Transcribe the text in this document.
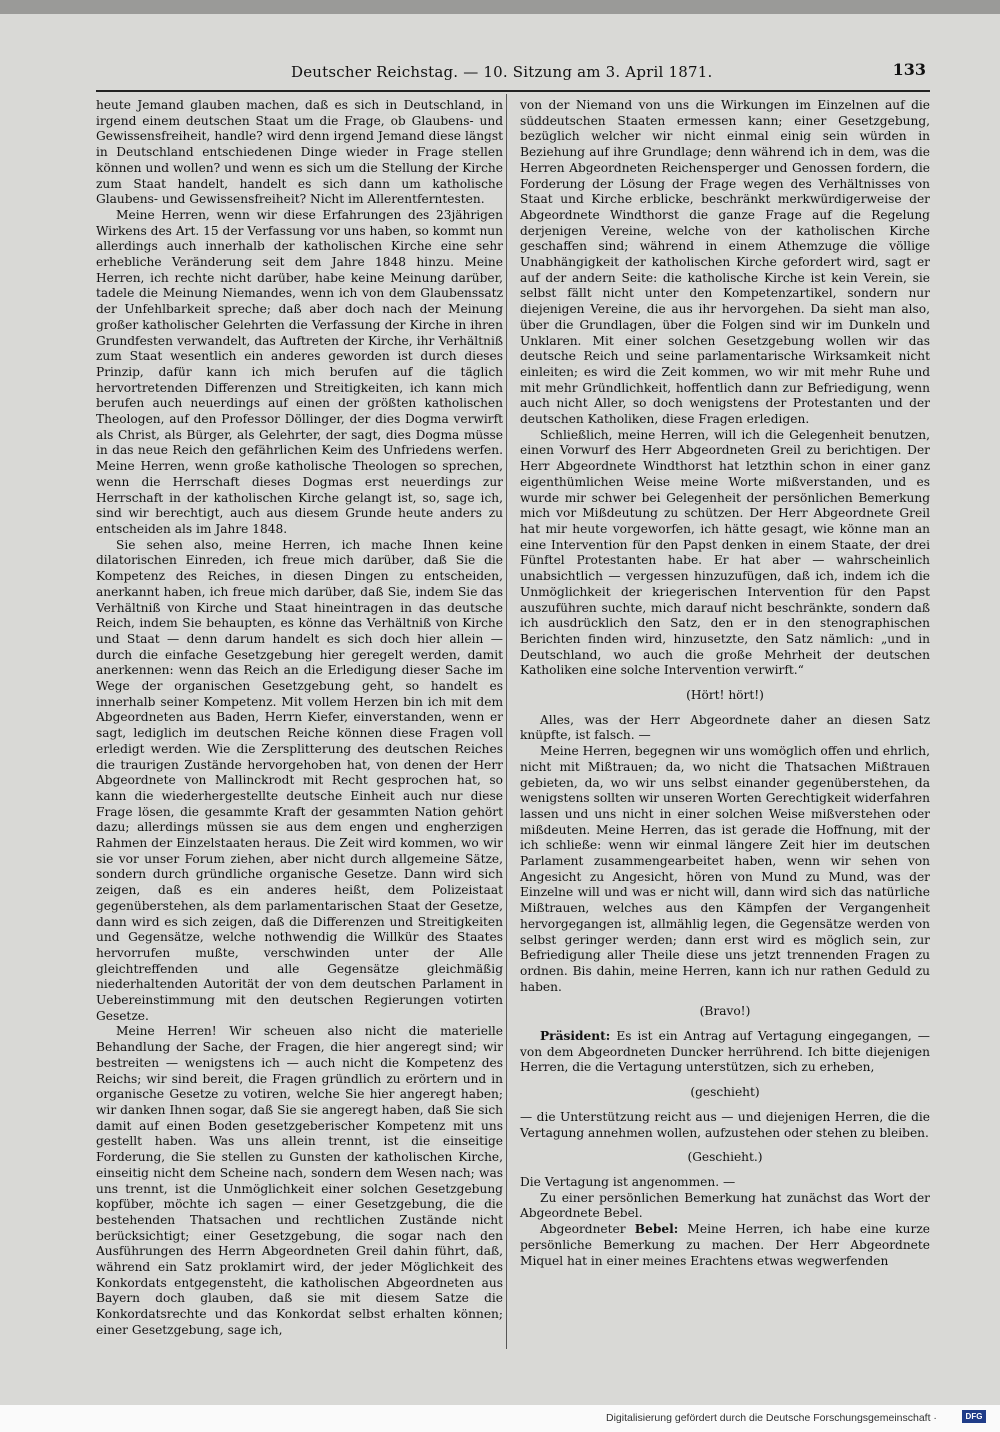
Deutscher Reichstag. — 10. Sitzung am 3. April 1871.	133

heute Jemand glauben machen, daß es sich in Deutschland, in irgend einem deutschen Staat um die Frage, ob Glaubens- und Gewissensfreiheit, handle? wird denn irgend Jemand diese längst in Deutschland entschiedenen Dinge wieder in Frage stellen können und wollen? und wenn es sich um die Stellung der Kirche zum Staat handelt, handelt es sich dann um katholische Glaubens- und Gewissensfreiheit? Nicht im Allerentferntesten.

Meine Herren, wenn wir diese Erfahrungen des 23jährigen Wirkens des Art. 15 der Verfassung vor uns haben, so kommt nun allerdings auch innerhalb der katholischen Kirche eine sehr erhebliche Veränderung seit dem Jahre 1848 hinzu. Meine Herren, ich rechte nicht darüber, habe keine Meinung darüber, tadele die Meinung Niemandes, wenn ich von dem Glaubenssatz der Unfehlbarkeit spreche; daß aber doch nach der Meinung großer katholischer Gelehrten die Verfassung der Kirche in ihren Grundfesten verwandelt, das Auftreten der Kirche, ihr Verhältniß zum Staat wesentlich ein anderes geworden ist durch dieses Prinzip, dafür kann ich mich berufen auf die täglich hervortretenden Differenzen und Streitigkeiten, ich kann mich berufen auch neuerdings auf einen der größten katholischen Theologen, auf den Professor Döllinger, der dies Dogma verwirft als Christ, als Bürger, als Gelehrter, der sagt, dies Dogma müsse in das neue Reich den gefährlichen Keim des Unfriedens werfen. Meine Herren, wenn große katholische Theologen so sprechen, wenn die Herrschaft dieses Dogmas erst neuerdings zur Herrschaft in der katholischen Kirche gelangt ist, so, sage ich, sind wir berechtigt, auch aus diesem Grunde heute anders zu entscheiden als im Jahre 1848.

Sie sehen also, meine Herren, ich mache Ihnen keine dilatorischen Einreden, ich freue mich darüber, daß Sie die Kompetenz des Reiches, in diesen Dingen zu entscheiden, anerkannt haben, ich freue mich darüber, daß Sie, indem Sie das Verhältniß von Kirche und Staat hineintragen in das deutsche Reich, indem Sie behaupten, es könne das Verhältniß von Kirche und Staat — denn darum handelt es sich doch hier allein — durch die einfache Gesetzgebung hier geregelt werden, damit anerkennen: wenn das Reich an die Erledigung dieser Sache im Wege der organischen Gesetzgebung geht, so handelt es innerhalb seiner Kompetenz. Mit vollem Herzen bin ich mit dem Abgeordneten aus Baden, Herrn Kiefer, einverstanden, wenn er sagt, lediglich im deutschen Reiche können diese Fragen voll erledigt werden. Wie die Zersplitterung des deutschen Reiches die traurigen Zustände hervorgehoben hat, von denen der Herr Abgeordnete von Mallinckrodt mit Recht gesprochen hat, so kann die wiederhergestellte deutsche Einheit auch nur diese Frage lösen, die gesammte Kraft der gesammten Nation gehört dazu; allerdings müssen sie aus dem engen und engherzigen Rahmen der Einzelstaaten heraus. Die Zeit wird kommen, wo wir sie vor unser Forum ziehen, aber nicht durch allgemeine Sätze, sondern durch gründliche organische Gesetze. Dann wird sich zeigen, daß es ein anderes heißt, dem Polizeistaat gegenüberstehen, als dem parlamentarischen Staat der Gesetze, dann wird es sich zeigen, daß die Differenzen und Streitigkeiten und Gegensätze, welche nothwendig die Willkür des Staates hervorrufen mußte, verschwinden unter der Alle gleichtreffenden und alle Gegensätze gleichmäßig niederhaltenden Autorität der von dem deutschen Parlament in Uebereinstimmung mit den deutschen Regierungen votirten Gesetze.

Meine Herren! Wir scheuen also nicht die materielle Behandlung der Sache, der Fragen, die hier angeregt sind; wir bestreiten — wenigstens ich — auch nicht die Kompetenz des Reichs; wir sind bereit, die Fragen gründlich zu erörtern und in organische Gesetze zu votiren, welche Sie hier angeregt haben; wir danken Ihnen sogar, daß Sie sie angeregt haben, daß Sie sich damit auf einen Boden gesetzgeberischer Kompetenz mit uns gestellt haben. Was uns allein trennt, ist die einseitige Forderung, die Sie stellen zu Gunsten der katholischen Kirche, einseitig nicht dem Scheine nach, sondern dem Wesen nach; was uns trennt, ist die Unmöglichkeit einer solchen Gesetzgebung kopfüber, möchte ich sagen — einer Gesetzgebung, die die bestehenden Thatsachen und rechtlichen Zustände nicht berücksichtigt; einer Gesetzgebung, die sogar nach den Ausführungen des Herrn Abgeordneten Greil dahin führt, daß, während ein Satz proklamirt wird, der jeder Möglichkeit des Konkordats entgegensteht, die katholischen Abgeordneten aus Bayern doch glauben, daß sie mit diesem Satze die Konkordatsrechte und das Konkordat selbst erhalten können; einer Gesetzgebung, sage ich,

von der Niemand von uns die Wirkungen im Einzelnen auf die süddeutschen Staaten ermessen kann; einer Gesetzgebung, bezüglich welcher wir nicht einmal einig sein würden in Beziehung auf ihre Grundlage; denn während ich in dem, was die Herren Abgeordneten Reichensperger und Genossen fordern, die Forderung der Lösung der Frage wegen des Verhältnisses von Staat und Kirche erblicke, beschränkt merkwürdigerweise der Abgeordnete Windthorst die ganze Frage auf die Regelung derjenigen Vereine, welche von der katholischen Kirche geschaffen sind; während in einem Athemzuge die völlige Unabhängigkeit der katholischen Kirche gefordert wird, sagt er auf der andern Seite: die katholische Kirche ist kein Verein, sie selbst fällt nicht unter den Kompetenzartikel, sondern nur diejenigen Vereine, die aus ihr hervorgehen. Da sieht man also, über die Grundlagen, über die Folgen sind wir im Dunkeln und Unklaren. Mit einer solchen Gesetzgebung wollen wir das deutsche Reich und seine parlamentarische Wirksamkeit nicht einleiten; es wird die Zeit kommen, wo wir mit mehr Ruhe und mit mehr Gründlichkeit, hoffentlich dann zur Befriedigung, wenn auch nicht Aller, so doch wenigstens der Protestanten und der deutschen Katholiken, diese Fragen erledigen.

Schließlich, meine Herren, will ich die Gelegenheit benutzen, einen Vorwurf des Herr Abgeordneten Greil zu berichtigen. Der Herr Abgeordnete Windthorst hat letzthin schon in einer ganz eigenthümlichen Weise meine Worte mißverstanden, und es wurde mir schwer bei Gelegenheit der persönlichen Bemerkung mich vor Mißdeutung zu schützen. Der Herr Abgeordnete Greil hat mir heute vorgeworfen, ich hätte gesagt, wie könne man an eine Intervention für den Papst denken in einem Staate, der drei Fünftel Protestanten habe. Er hat aber — wahrscheinlich unabsichtlich — vergessen hinzuzufügen, daß ich, indem ich die Unmöglichkeit der kriegerischen Intervention für den Papst auszuführen suchte, mich darauf nicht beschränkte, sondern daß ich ausdrücklich den Satz, den er in den stenographischen Berichten finden wird, hinzusetzte, den Satz nämlich: „und in Deutschland, wo auch die große Mehrheit der deutschen Katholiken eine solche Intervention verwirft.“

(Hört! hört!)

Alles, was der Herr Abgeordnete daher an diesen Satz knüpfte, ist falsch. —

Meine Herren, begegnen wir uns womöglich offen und ehrlich, nicht mit Mißtrauen; da, wo nicht die Thatsachen Mißtrauen gebieten, da, wo wir uns selbst einander gegenüberstehen, da wenigstens sollten wir unseren Worten Gerechtigkeit widerfahren lassen und uns nicht in einer solchen Weise mißverstehen oder mißdeuten. Meine Herren, das ist gerade die Hoffnung, mit der ich schließe: wenn wir einmal längere Zeit hier im deutschen Parlament zusammengearbeitet haben, wenn wir sehen von Angesicht zu Angesicht, hören von Mund zu Mund, was der Einzelne will und was er nicht will, dann wird sich das natürliche Mißtrauen, welches aus den Kämpfen der Vergangenheit hervorgegangen ist, allmählig legen, die Gegensätze werden von selbst geringer werden; dann erst wird es möglich sein, zur Befriedigung aller Theile diese uns jetzt trennenden Fragen zu ordnen. Bis dahin, meine Herren, kann ich nur rathen Geduld zu haben.

(Bravo!)

Präsident: Es ist ein Antrag auf Vertagung eingegangen, — von dem Abgeordneten Duncker herrührend. Ich bitte diejenigen Herren, die die Vertagung unterstützen, sich zu erheben,

(geschieht)

— die Unterstützung reicht aus — und diejenigen Herren, die die Vertagung annehmen wollen, aufzustehen oder stehen zu bleiben.

(Geschieht.)

Die Vertagung ist angenommen. —

Zu einer persönlichen Bemerkung hat zunächst das Wort der Abgeordnete Bebel.

Abgeordneter Bebel: Meine Herren, ich habe eine kurze persönliche Bemerkung zu machen. Der Herr Abgeordnete Miquel hat in einer meines Erachtens etwas wegwerfenden

Digitalisierung gefördert durch die Deutsche Forschungsgemeinschaft ·	DFG
